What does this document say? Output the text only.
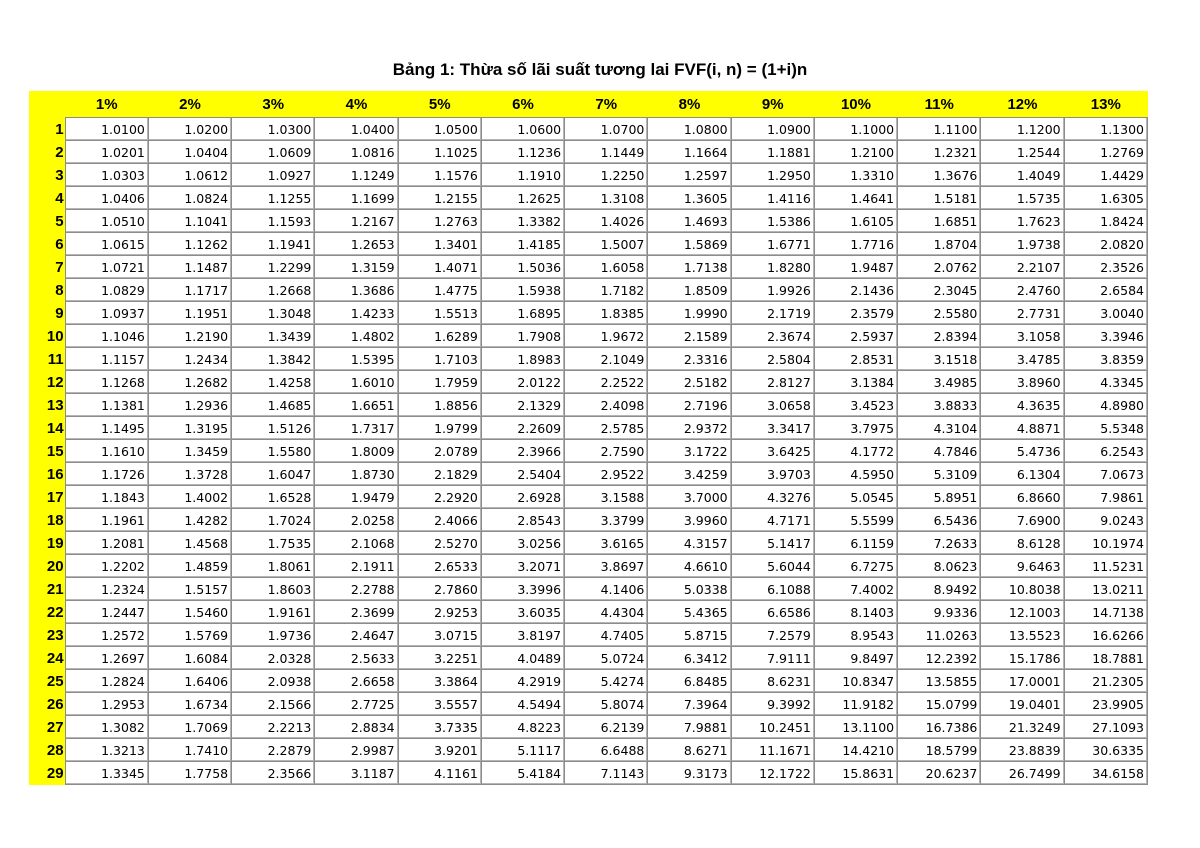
Bảng 1: Thừa số lãi suất tương lai FVF(i, n) = (1+i)n
	1%	2%	3%	4%	5%	6%	7%	8%	9%	10%	11%	12%	13%
1	1.0100	1.0200	1.0300	1.0400	1.0500	1.0600	1.0700	1.0800	1.0900	1.1000	1.1100	1.1200	1.1300
2	1.0201	1.0404	1.0609	1.0816	1.1025	1.1236	1.1449	1.1664	1.1881	1.2100	1.2321	1.2544	1.2769
3	1.0303	1.0612	1.0927	1.1249	1.1576	1.1910	1.2250	1.2597	1.2950	1.3310	1.3676	1.4049	1.4429
4	1.0406	1.0824	1.1255	1.1699	1.2155	1.2625	1.3108	1.3605	1.4116	1.4641	1.5181	1.5735	1.6305
5	1.0510	1.1041	1.1593	1.2167	1.2763	1.3382	1.4026	1.4693	1.5386	1.6105	1.6851	1.7623	1.8424
6	1.0615	1.1262	1.1941	1.2653	1.3401	1.4185	1.5007	1.5869	1.6771	1.7716	1.8704	1.9738	2.0820
7	1.0721	1.1487	1.2299	1.3159	1.4071	1.5036	1.6058	1.7138	1.8280	1.9487	2.0762	2.2107	2.3526
8	1.0829	1.1717	1.2668	1.3686	1.4775	1.5938	1.7182	1.8509	1.9926	2.1436	2.3045	2.4760	2.6584
9	1.0937	1.1951	1.3048	1.4233	1.5513	1.6895	1.8385	1.9990	2.1719	2.3579	2.5580	2.7731	3.0040
10	1.1046	1.2190	1.3439	1.4802	1.6289	1.7908	1.9672	2.1589	2.3674	2.5937	2.8394	3.1058	3.3946
11	1.1157	1.2434	1.3842	1.5395	1.7103	1.8983	2.1049	2.3316	2.5804	2.8531	3.1518	3.4785	3.8359
12	1.1268	1.2682	1.4258	1.6010	1.7959	2.0122	2.2522	2.5182	2.8127	3.1384	3.4985	3.8960	4.3345
13	1.1381	1.2936	1.4685	1.6651	1.8856	2.1329	2.4098	2.7196	3.0658	3.4523	3.8833	4.3635	4.8980
14	1.1495	1.3195	1.5126	1.7317	1.9799	2.2609	2.5785	2.9372	3.3417	3.7975	4.3104	4.8871	5.5348
15	1.1610	1.3459	1.5580	1.8009	2.0789	2.3966	2.7590	3.1722	3.6425	4.1772	4.7846	5.4736	6.2543
16	1.1726	1.3728	1.6047	1.8730	2.1829	2.5404	2.9522	3.4259	3.9703	4.5950	5.3109	6.1304	7.0673
17	1.1843	1.4002	1.6528	1.9479	2.2920	2.6928	3.1588	3.7000	4.3276	5.0545	5.8951	6.8660	7.9861
18	1.1961	1.4282	1.7024	2.0258	2.4066	2.8543	3.3799	3.9960	4.7171	5.5599	6.5436	7.6900	9.0243
19	1.2081	1.4568	1.7535	2.1068	2.5270	3.0256	3.6165	4.3157	5.1417	6.1159	7.2633	8.6128	10.1974
20	1.2202	1.4859	1.8061	2.1911	2.6533	3.2071	3.8697	4.6610	5.6044	6.7275	8.0623	9.6463	11.5231
21	1.2324	1.5157	1.8603	2.2788	2.7860	3.3996	4.1406	5.0338	6.1088	7.4002	8.9492	10.8038	13.0211
22	1.2447	1.5460	1.9161	2.3699	2.9253	3.6035	4.4304	5.4365	6.6586	8.1403	9.9336	12.1003	14.7138
23	1.2572	1.5769	1.9736	2.4647	3.0715	3.8197	4.7405	5.8715	7.2579	8.9543	11.0263	13.5523	16.6266
24	1.2697	1.6084	2.0328	2.5633	3.2251	4.0489	5.0724	6.3412	7.9111	9.8497	12.2392	15.1786	18.7881
25	1.2824	1.6406	2.0938	2.6658	3.3864	4.2919	5.4274	6.8485	8.6231	10.8347	13.5855	17.0001	21.2305
26	1.2953	1.6734	2.1566	2.7725	3.5557	4.5494	5.8074	7.3964	9.3992	11.9182	15.0799	19.0401	23.9905
27	1.3082	1.7069	2.2213	2.8834	3.7335	4.8223	6.2139	7.9881	10.2451	13.1100	16.7386	21.3249	27.1093
28	1.3213	1.7410	2.2879	2.9987	3.9201	5.1117	6.6488	8.6271	11.1671	14.4210	18.5799	23.8839	30.6335
29	1.3345	1.7758	2.3566	3.1187	4.1161	5.4184	7.1143	9.3173	12.1722	15.8631	20.6237	26.7499	34.6158
